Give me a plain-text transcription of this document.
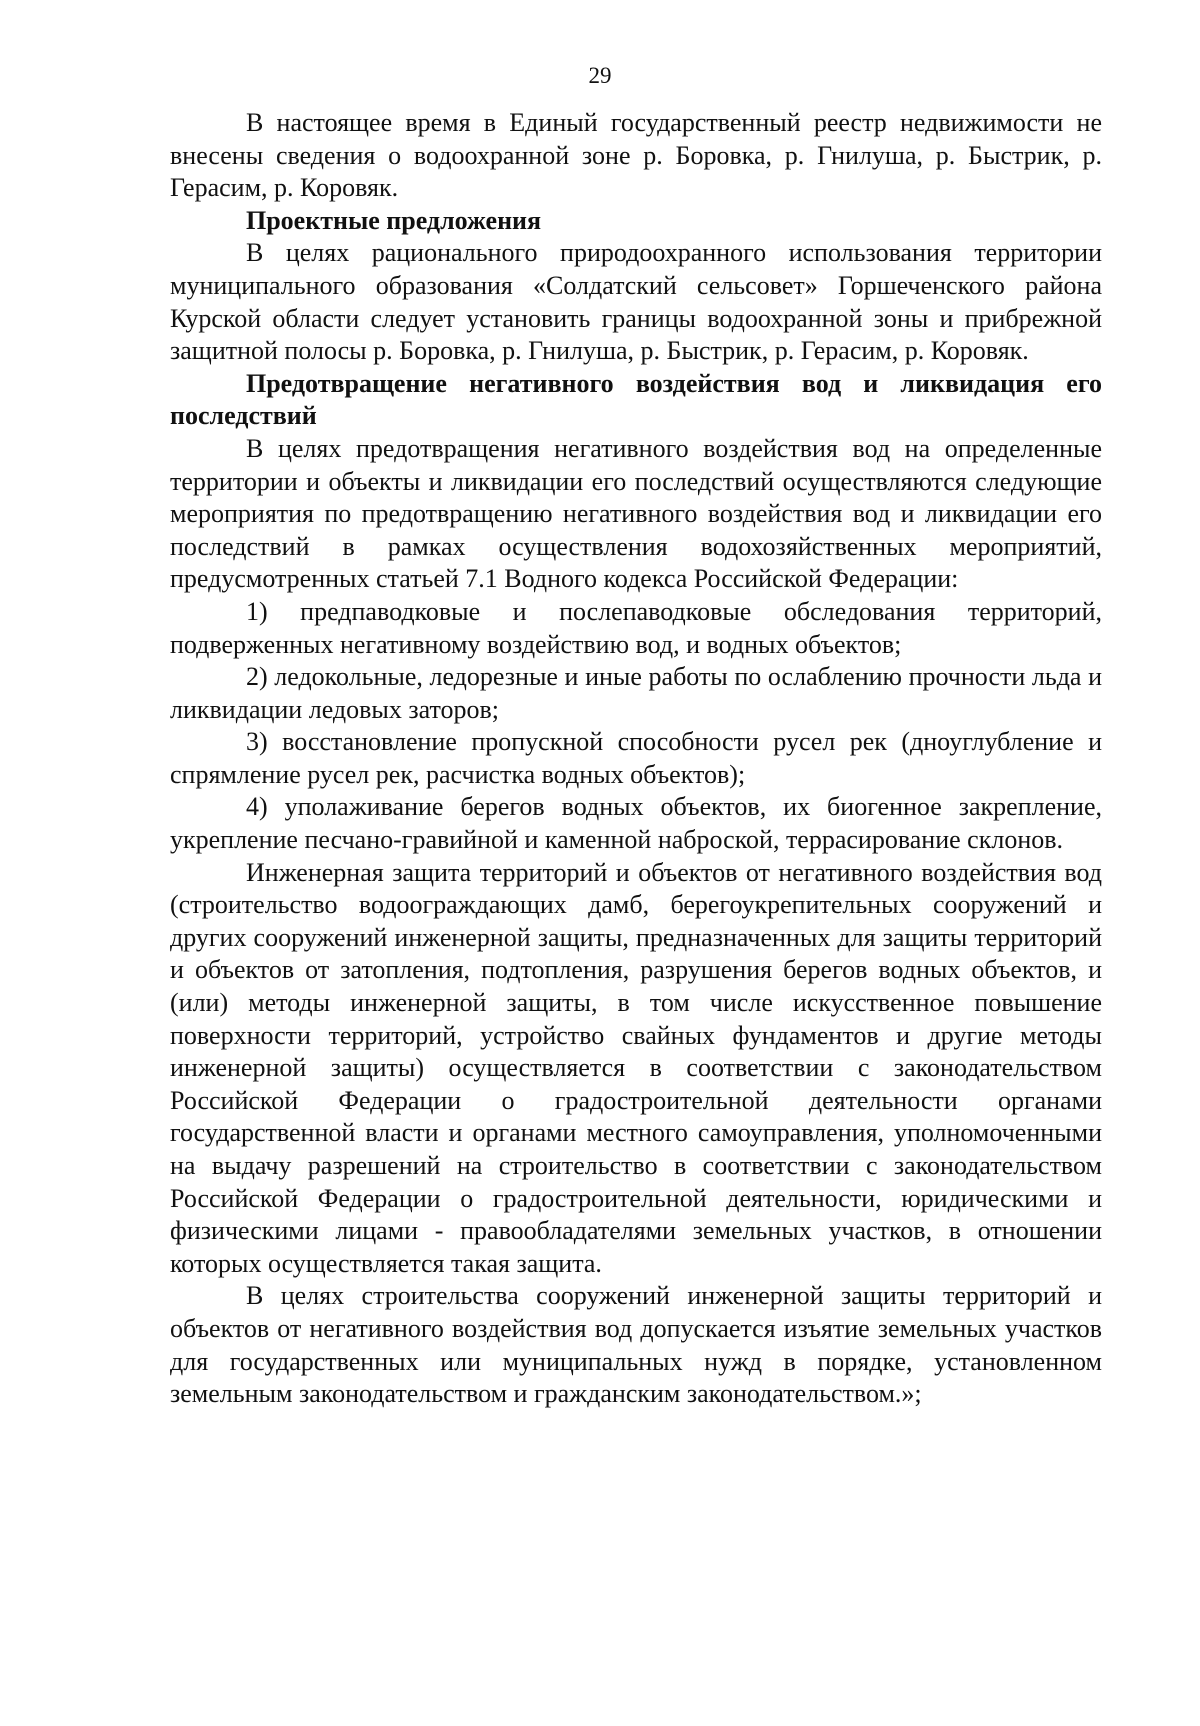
29

В настоящее время в Единый государственный реестр недвижимости не внесены сведения о водоохранной зоне р. Боровка, р. Гнилуша, р. Быстрик, р. Герасим, р. Коровяк.

Проектные предложения

В целях рационального природоохранного использования территории муниципального образования «Солдатский сельсовет» Горшеченского района Курской области следует установить границы водоохранной зоны и прибрежной защитной полосы р. Боровка, р. Гнилуша, р. Быстрик, р. Герасим, р. Коровяк.

Предотвращение негативного воздействия вод и ликвидация его последствий

В целях предотвращения негативного воздействия вод на определенные территории и объекты и ликвидации его последствий осуществляются следующие мероприятия по предотвращению негативного воздействия вод и ликвидации его последствий в рамках осуществления водохозяйственных мероприятий, предусмотренных статьей 7.1 Водного кодекса Российской Федерации:

1) предпаводковые и послепаводковые обследования территорий, подверженных негативному воздействию вод, и водных объектов;

2) ледокольные, ледорезные и иные работы по ослаблению прочности льда и ликвидации ледовых заторов;

3) восстановление пропускной способности русел рек (дноуглубление и спрямление русел рек, расчистка водных объектов);

4) уполаживание берегов водных объектов, их биогенное закрепление, укрепление песчано-гравийной и каменной наброской, террасирование склонов.

Инженерная защита территорий и объектов от негативного воздействия вод (строительство водоограждающих дамб, берегоукрепительных сооружений и других сооружений инженерной защиты, предназначенных для защиты территорий и объектов от затопления, подтопления, разрушения берегов водных объектов, и (или) методы инженерной защиты, в том числе искусственное повышение поверхности территорий, устройство свайных фундаментов и другие методы инженерной защиты) осуществляется в соответствии с законодательством Российской Федерации о градостроительной деятельности органами государственной власти и органами местного самоуправления, уполномоченными на выдачу разрешений на строительство в соответствии с законодательством Российской Федерации о градостроительной деятельности, юридическими и физическими лицами - правообладателями земельных участков, в отношении которых осуществляется такая защита.

В целях строительства сооружений инженерной защиты территорий и объектов от негативного воздействия вод допускается изъятие земельных участков для государственных или муниципальных нужд в порядке, установленном земельным законодательством и гражданским законодательством.»;
